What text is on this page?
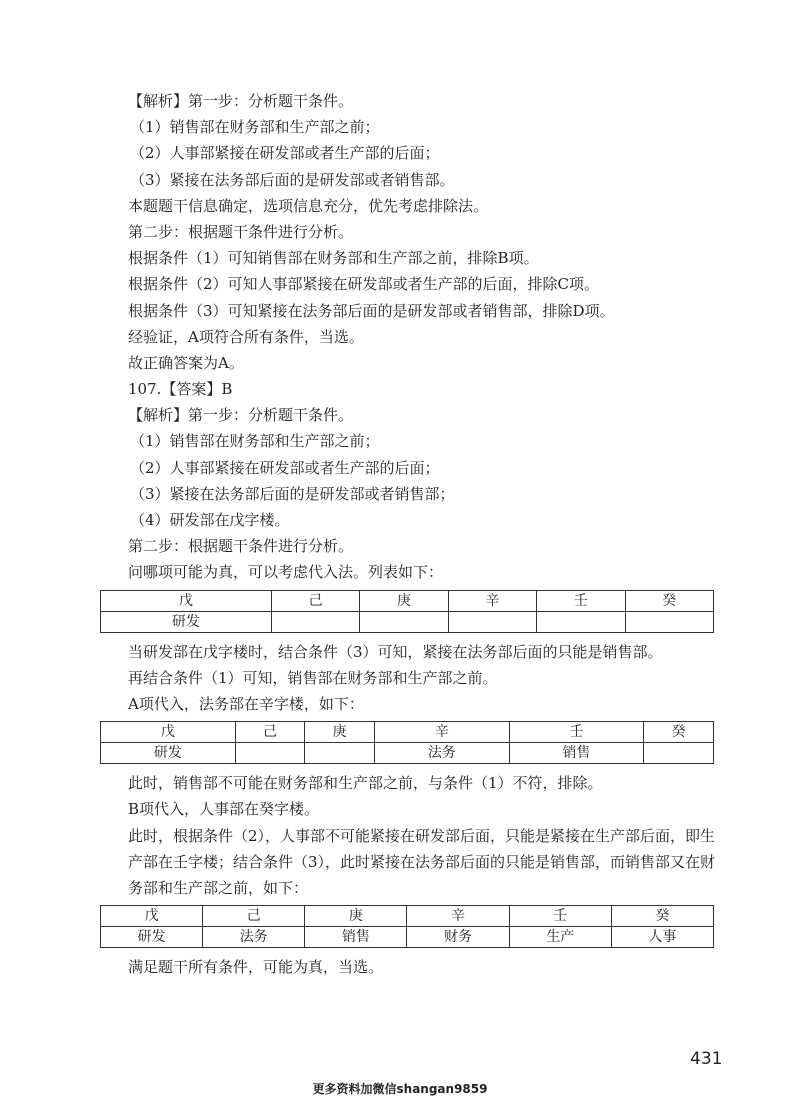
【解析】第一步：分析题干条件。
（1）销售部在财务部和生产部之前；
（2）人事部紧接在研发部或者生产部的后面；
（3）紧接在法务部后面的是研发部或者销售部。
本题题干信息确定，选项信息充分，优先考虑排除法。
第二步：根据题干条件进行分析。
根据条件（1）可知销售部在财务部和生产部之前，排除B项。
根据条件（2）可知人事部紧接在研发部或者生产部的后面，排除C项。
根据条件（3）可知紧接在法务部后面的是研发部或者销售部，排除D项。
经验证，A项符合所有条件，当选。
故正确答案为A。
107.【答案】B
【解析】第一步：分析题干条件。
（1）销售部在财务部和生产部之前；
（2）人事部紧接在研发部或者生产部的后面；
（3）紧接在法务部后面的是研发部或者销售部；
（4）研发部在戊字楼。
第二步：根据题干条件进行分析。
问哪项可能为真，可以考虑代入法。列表如下：
戊	己	庚	辛	壬	癸
研发					
当研发部在戊字楼时，结合条件（3）可知，紧接在法务部后面的只能是销售部。
再结合条件（1）可知，销售部在财务部和生产部之前。
A项代入，法务部在辛字楼，如下：
戊	己	庚	辛	壬	癸
研发			法务	销售	
此时，销售部不可能在财务部和生产部之前，与条件（1）不符，排除。
B项代入，人事部在癸字楼。
此时，根据条件（2），人事部不可能紧接在研发部后面，只能是紧接在生产部后面，即生产部在壬字楼；结合条件（3），此时紧接在法务部后面的只能是销售部，而销售部又在财务部和生产部之前，如下：
戊	己	庚	辛	壬	癸
研发	法务	销售	财务	生产	人事
满足题干所有条件，可能为真，当选。
431
更多资料加微信shangan9859
